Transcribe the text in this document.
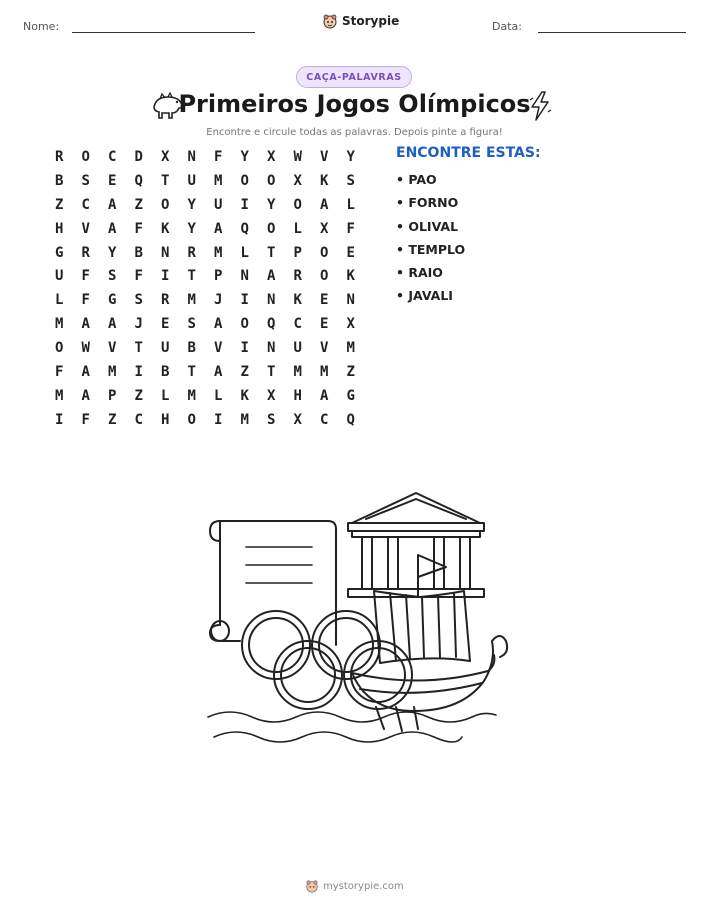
Nome:	Storypie	Data:
CAÇA-PALAVRAS
Primeiros Jogos Olímpicos
Encontre e circule todas as palavras. Depois pinte a figura!
R	O	C	D	X	N	F	Y	X	W	V	Y
B	S	E	Q	T	U	M	O	O	X	K	S
Z	C	A	Z	O	Y	U	I	Y	O	A	L
H	V	A	F	K	Y	A	Q	O	L	X	F
G	R	Y	B	N	R	M	L	T	P	O	E
U	F	S	F	I	T	P	N	A	R	O	K
L	F	G	S	R	M	J	I	N	K	E	N
M	A	A	J	E	S	A	O	Q	C	E	X
O	W	V	T	U	B	V	I	N	U	V	M
F	A	M	I	B	T	A	Z	T	M	M	Z
M	A	P	Z	L	M	L	K	X	H	A	G
I	F	Z	C	H	O	I	M	S	X	C	Q
ENCONTRE ESTAS:
• PAO
• FORNO
• OLIVAL
• TEMPLO
• RAIO
• JAVALI
mystorypie.com
